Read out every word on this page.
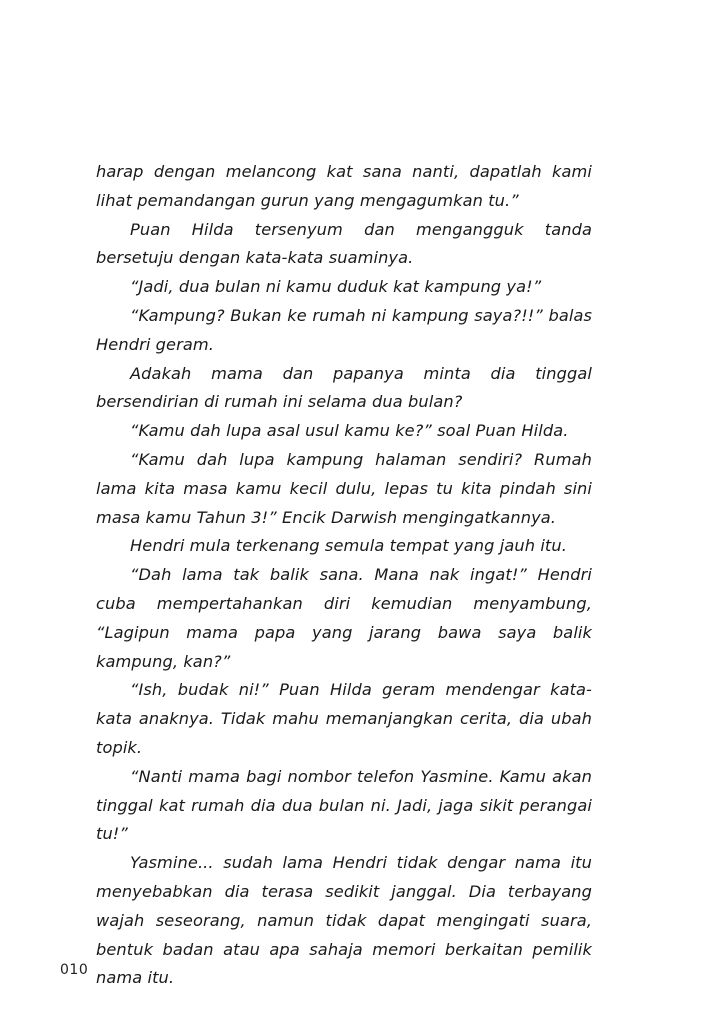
harap dengan melancong kat sana nanti, dapatlah kami lihat pemandangan gurun yang mengagumkan tu.”

Puan Hilda tersenyum dan mengangguk tanda bersetuju dengan kata-kata suaminya.

“Jadi, dua bulan ni kamu duduk kat kampung ya!”

“Kampung? Bukan ke rumah ni kampung saya?!!” balas Hendri geram.

Adakah mama dan papanya minta dia tinggal bersendirian di rumah ini selama dua bulan?

“Kamu dah lupa asal usul kamu ke?” soal Puan Hilda.

“Kamu dah lupa kampung halaman sendiri? Rumah lama kita masa kamu kecil dulu, lepas tu kita pindah sini masa kamu Tahun 3!” Encik Darwish mengingatkannya.

Hendri mula terkenang semula tempat yang jauh itu.

“Dah lama tak balik sana. Mana nak ingat!” Hendri cuba mempertahankan diri kemudian menyambung, “Lagipun mama papa yang jarang bawa saya balik kampung, kan?”

“Ish, budak ni!” Puan Hilda geram mendengar kata-kata anaknya. Tidak mahu memanjangkan cerita, dia ubah topik.

“Nanti mama bagi nombor telefon Yasmine. Kamu akan tinggal kat rumah dia dua bulan ni. Jadi, jaga sikit perangai tu!”

Yasmine... sudah lama Hendri tidak dengar nama itu menyebabkan dia terasa sedikit janggal. Dia terbayang wajah seseorang, namun tidak dapat mengingati suara, bentuk badan atau apa sahaja memori berkaitan pemilik nama itu.

010
